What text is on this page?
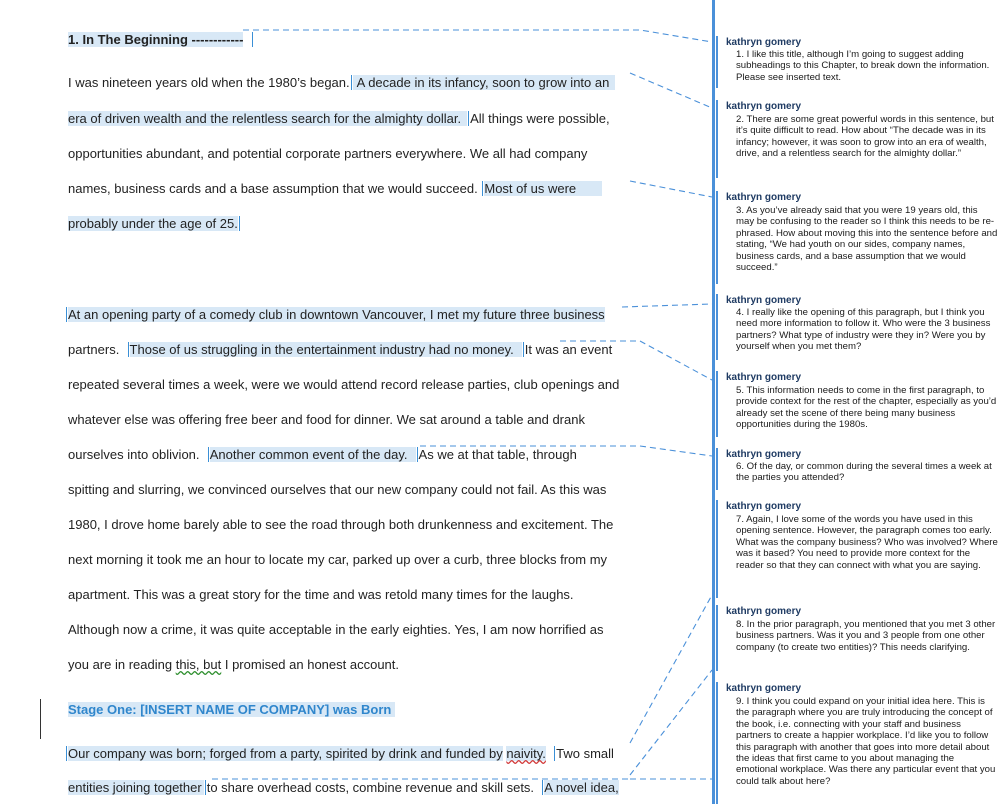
1. In The Beginning ------------
I was nineteen years old when the 1980’s began. A decade in its infancy, soon to grow into an
era of driven wealth and the relentless search for the almighty dollar. All things were possible,
opportunities abundant, and potential corporate partners everywhere. We all had company
names, business cards and a base assumption that we would succeed. Most of us were
probably under the age of 25.
At an opening party of a comedy club in downtown Vancouver, I met my future three business
partners. Those of us struggling in the entertainment industry had no money. It was an event
repeated several times a week, were we would attend record release parties, club openings and
whatever else was offering free beer and food for dinner. We sat around a table and drank
ourselves into oblivion. Another common event of the day. As we at that table, through
spitting and slurring, we convinced ourselves that our new company could not fail. As this was
1980, I drove home barely able to see the road through both drunkenness and excitement. The
next morning it took me an hour to locate my car, parked up over a curb, three blocks from my
apartment. This was a great story for the time and was retold many times for the laughs.
Although now a crime, it was quite acceptable in the early eighties. Yes, I am now horrified as
you are in reading this, but I promised an honest account.
Stage One: [INSERT NAME OF COMPANY] was Born
Our company was born; forged from a party, spirited by drink and funded by naivity. Two small
entities joining together to share overhead costs, combine revenue and skill sets. A novel idea,
kathryn gomery
1. I like this title, although I’m going to suggest adding subheadings to this Chapter, to break down the information. Please see inserted text.
kathryn gomery
2. There are some great powerful words in this sentence, but it’s quite difficult to read. How about “The decade was in its infancy; however, it was soon to grow into an era of wealth, drive, and a relentless search for the almighty dollar.”
kathryn gomery
3. As you’ve already said that you were 19 years old, this may be confusing to the reader so I think this needs to be re-phrased. How about moving this into the sentence before and stating, “We had youth on our sides, company names, business cards, and a base assumption that we would succeed.”
kathryn gomery
4. I really like the opening of this paragraph, but I think you need more information to follow it. Who were the 3 business partners? What type of industry were they in? Were you by yourself when you met them?
kathryn gomery
5. This information needs to come in the first paragraph, to provide context for the rest of the chapter, especially as you’d already set the scene of there being many business opportunities during the 1980s.
kathryn gomery
6. Of the day, or common during the several times a week at the parties you attended?
kathryn gomery
7. Again, I love some of the words you have used in this opening sentence. However, the paragraph comes too early. What was the company business? Who was involved? Where was it based? You need to provide more context for the reader so that they can connect with what you are saying.
kathryn gomery
8. In the prior paragraph, you mentioned that you met 3 other business partners. Was it you and 3 people from one other company (to create two entities)? This needs clarifying.
kathryn gomery
9. I think you could expand on your initial idea here. This is the paragraph where you are truly introducing the concept of the book, i.e. connecting with your staff and business partners to create a happier workplace. I’d like you to follow this paragraph with another that goes into more detail about the ideas that first came to you about managing the emotional workplace. Was there any particular event that you could talk about here?
